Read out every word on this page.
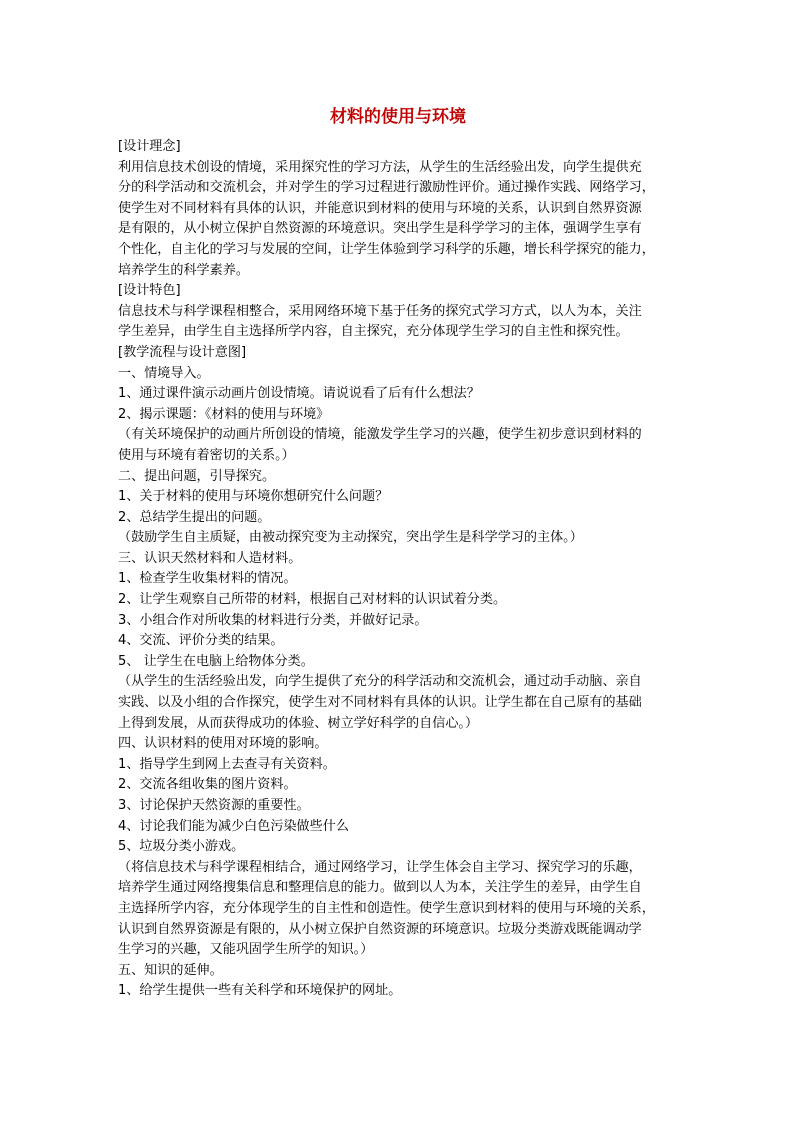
材料的使用与环境
[设计理念]
利用信息技术创设的情境，采用探究性的学习方法，从学生的生活经验出发，向学生提供充
分的科学活动和交流机会，并对学生的学习过程进行激励性评价。通过操作实践、网络学习，
使学生对不同材料有具体的认识，并能意识到材料的使用与环境的关系，认识到自然界资源
是有限的，从小树立保护自然资源的环境意识。突出学生是科学学习的主体，强调学生享有
个性化，自主化的学习与发展的空间，让学生体验到学习科学的乐趣，增长科学探究的能力，
培养学生的科学素养。
[设计特色]
信息技术与科学课程相整合，采用网络环境下基于任务的探究式学习方式，以人为本，关注
学生差异，由学生自主选择所学内容，自主探究，充分体现学生学习的自主性和探究性。
[教学流程与设计意图]
一、情境导入。
1、通过课件演示动画片创设情境。请说说看了后有什么想法？
2、揭示课题：《材料的使用与环境》
（有关环境保护的动画片所创设的情境，能激发学生学习的兴趣，使学生初步意识到材料的
使用与环境有着密切的关系。）
二、提出问题，引导探究。
1、关于材料的使用与环境你想研究什么问题？
2、总结学生提出的问题。
（鼓励学生自主质疑，由被动探究变为主动探究，突出学生是科学学习的主体。）
三、认识天然材料和人造材料。
1、检查学生收集材料的情况。
2、让学生观察自己所带的材料，根据自己对材料的认识试着分类。
3、小组合作对所收集的材料进行分类，并做好记录。
4、交流、评价分类的结果。
5、 让学生在电脑上给物体分类。
（从学生的生活经验出发，向学生提供了充分的科学活动和交流机会，通过动手动脑、亲自
实践、以及小组的合作探究，使学生对不同材料有具体的认识。让学生都在自己原有的基础
上得到发展，从而获得成功的体验、树立学好科学的自信心。）
四、认识材料的使用对环境的影响。
1、指导学生到网上去查寻有关资料。
2、交流各组收集的图片资料。
3、讨论保护天然资源的重要性。
4、讨论我们能为减少白色污染做些什么
5、垃圾分类小游戏。
（将信息技术与科学课程相结合，通过网络学习，让学生体会自主学习、探究学习的乐趣，
培养学生通过网络搜集信息和整理信息的能力。做到以人为本，关注学生的差异，由学生自
主选择所学内容，充分体现学生的自主性和创造性。使学生意识到材料的使用与环境的关系，
认识到自然界资源是有限的，从小树立保护自然资源的环境意识。垃圾分类游戏既能调动学
生学习的兴趣，又能巩固学生所学的知识。）
五、知识的延伸。
1、给学生提供一些有关科学和环境保护的网址。
